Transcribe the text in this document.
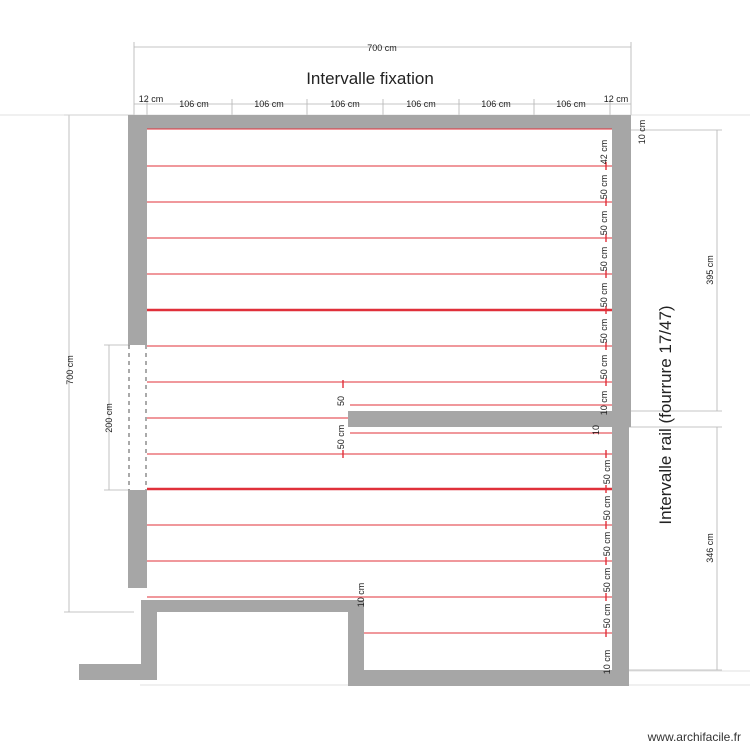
Intervalle fixation
700 cm
12 cm 106 cm	106 cm	106 cm	106 cm	106 cm	106 cm 12 cm
700 cm
200 cm
395 cm
346 cm
42 cm
50 cm
50 cm
50 cm
50 cm
50 cm
50 cm
10 cm
50 cm
50 cm
50 cm
50 cm
50 cm
10 cm
50
50 cm	10
10 cm
10 cm
Intervalle rail (fourrure 17/47)
www.archifacile.fr
